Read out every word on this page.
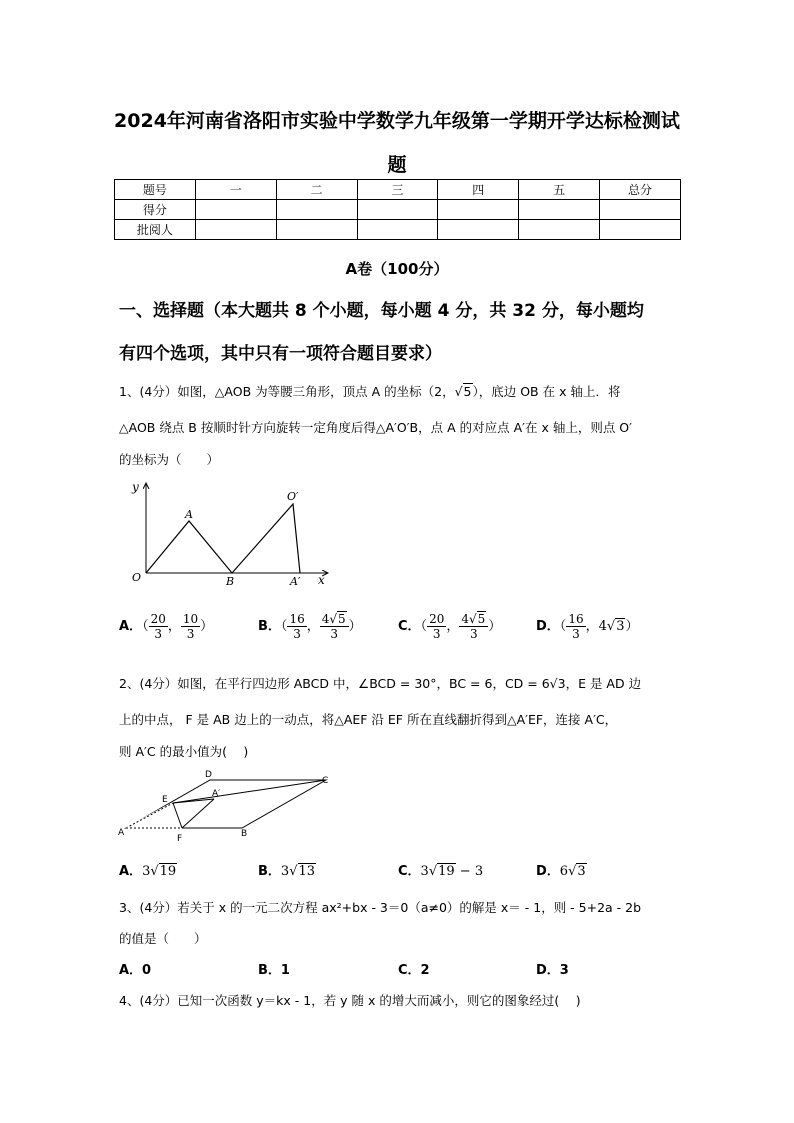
2024年河南省洛阳市实验中学数学九年级第一学期开学达标检测试
题
题号	一	二	三	四	五	总分
得分						
批阅人						
A卷（100分）
一、选择题（本大题共 8 个小题，每小题 4 分，共 32 分，每小题均
有四个选项，其中只有一项符合题目要求）
1、(4分）如图，△AOB 为等腰三角形，顶点 A 的坐标（2，√5），底边 OB 在 x 轴上．将
△AOB 绕点 B 按顺时针方向旋转一定角度后得△A′O′B，点 A 的对应点 A′在 x 轴上，则点 O′
的坐标为（　　）
y
x
O
A
B	A′
O′
A．（ $\frac{20}{3}$ ， $\frac{10}{3}$ ）	B．（ $\frac{16}{3}$ ， $\frac{4√5}{3}$ ）	C．（ $\frac{20}{3}$ ， $\frac{4√5}{3}$ ）	D．（ $\frac{16}{3}$ ，4√3）
2、(4分）如图，在平行四边形 ABCD 中，∠BCD = 30°，BC = 6，CD = 6√3，E 是 AD 边
上的中点， F 是 AB 边上的一动点，将△AEF 沿 EF 所在直线翻折得到△A′EF，连接 A′C，
则 A′C 的最小值为(　 )
A	B
C
D
E
F
A′
A．3√19	B．3√13	C．3√19 − 3	D．6√3
3、(4分）若关于 x 的一元二次方程 ax²+bx - 3＝0（a≠0）的解是 x＝ - 1，则 - 5+2a - 2b
的值是（　　）
A．0	B．1	C．2	D．3
4、(4分）已知一次函数 y＝kx - 1，若 y 随 x 的增大而减小，则它的图象经过(　 )
